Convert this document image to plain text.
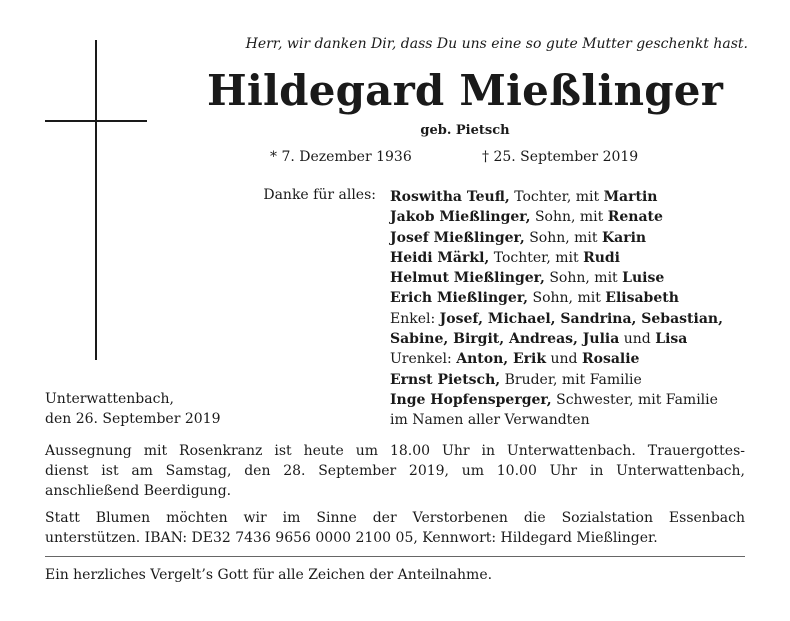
Herr, wir danken Dir, dass Du uns eine so gute Mutter geschenkt hast.
Hildegard Mießlinger
geb. Pietsch
* 7. Dezember 1936	† 25. September 2019
Danke für alles: Roswitha Teufl, Tochter, mit Martin
Jakob Mießlinger, Sohn, mit Renate
Josef Mießlinger, Sohn, mit Karin
Heidi Märkl, Tochter, mit Rudi
Helmut Mießlinger, Sohn, mit Luise
Erich Mießlinger, Sohn, mit Elisabeth
Enkel: Josef, Michael, Sandrina, Sebastian,
Sabine, Birgit, Andreas, Julia und Lisa
Urenkel: Anton, Erik und Rosalie
Ernst Pietsch, Bruder, mit Familie
Inge Hopfensperger, Schwester, mit Familie
im Namen aller Verwandten
Unterwattenbach,
den 26. September 2019

Aussegnung mit Rosenkranz ist heute um 18.00 Uhr in Unterwattenbach. Trauergottes-
dienst ist am Samstag, den 28. September 2019, um 10.00 Uhr in Unterwattenbach,
anschließend Beerdigung.

Statt Blumen möchten wir im Sinne der Verstorbenen die Sozialstation Essenbach
unterstützen. IBAN: DE32 7436 9656 0000 2100 05, Kennwort: Hildegard Mießlinger.

Ein herzliches Vergelt’s Gott für alle Zeichen der Anteilnahme.
